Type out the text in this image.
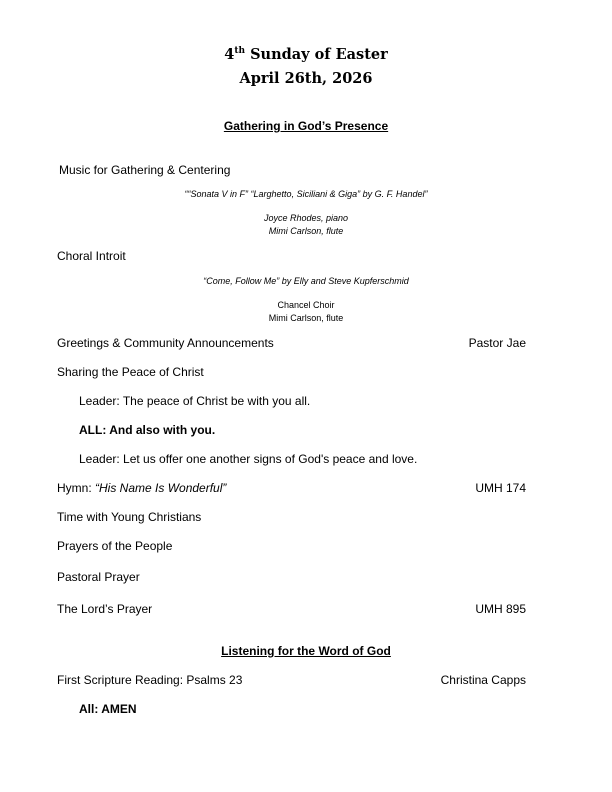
4th Sunday of Easter
April 26th, 2026
Gathering in God’s Presence
Music for Gathering & Centering
““Sonata V in F” “Larghetto, Siciliani & Giga” by G. F. Handel”
Joyce Rhodes, piano
Mimi Carlson, flute
Choral Introit
“Come, Follow Me” by Elly and Steve Kupferschmid
Chancel Choir
Mimi Carlson, flute
Greetings & Community Announcements	Pastor Jae
Sharing the Peace of Christ
Leader: The peace of Christ be with you all.
ALL: And also with you.
Leader: Let us offer one another signs of God's peace and love.
Hymn: “His Name Is Wonderful”	UMH 174
Time with Young Christians
Prayers of the People
Pastoral Prayer
The Lord’s Prayer	UMH 895
Listening for the Word of God
First Scripture Reading: Psalms 23	Christina Capps
All: AMEN
